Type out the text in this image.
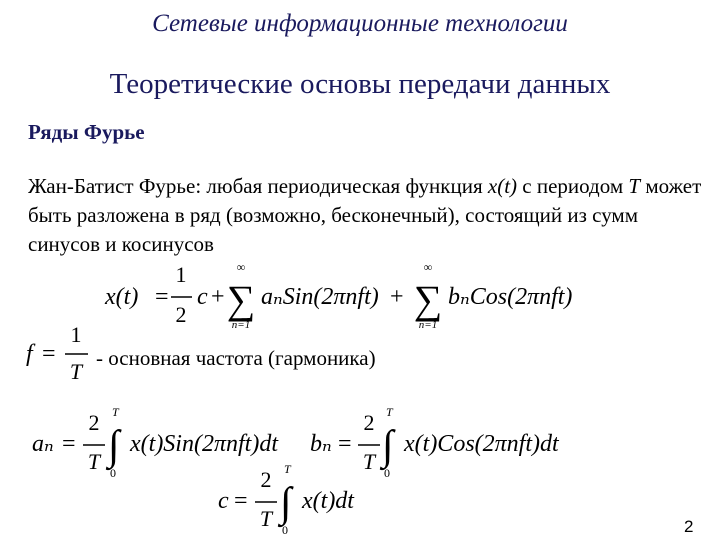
Сетевые информационные технологии
Теоретические основы передачи данных
Ряды Фурье
Жан-Батист Фурье: любая периодическая функция x(t) с периодом T может быть разложена в ряд (возможно, бесконечный), состоящий из сумм синусов и косинусов
x(t) =
1
2
c +
∞
∑
n=1
aₙSin(2πnft) +
∞
∑
n=1
bₙCos(2πnft)
f =
1
T
- основная частота (гармоника)
aₙ =
2
T ∫
T
0
x(t)Sin(2πnft)dt bₙ =
2
T ∫
T
0
x(t)Cos(2πnft)dt
c =
2
T ∫
T
0
x(t)dt
2
